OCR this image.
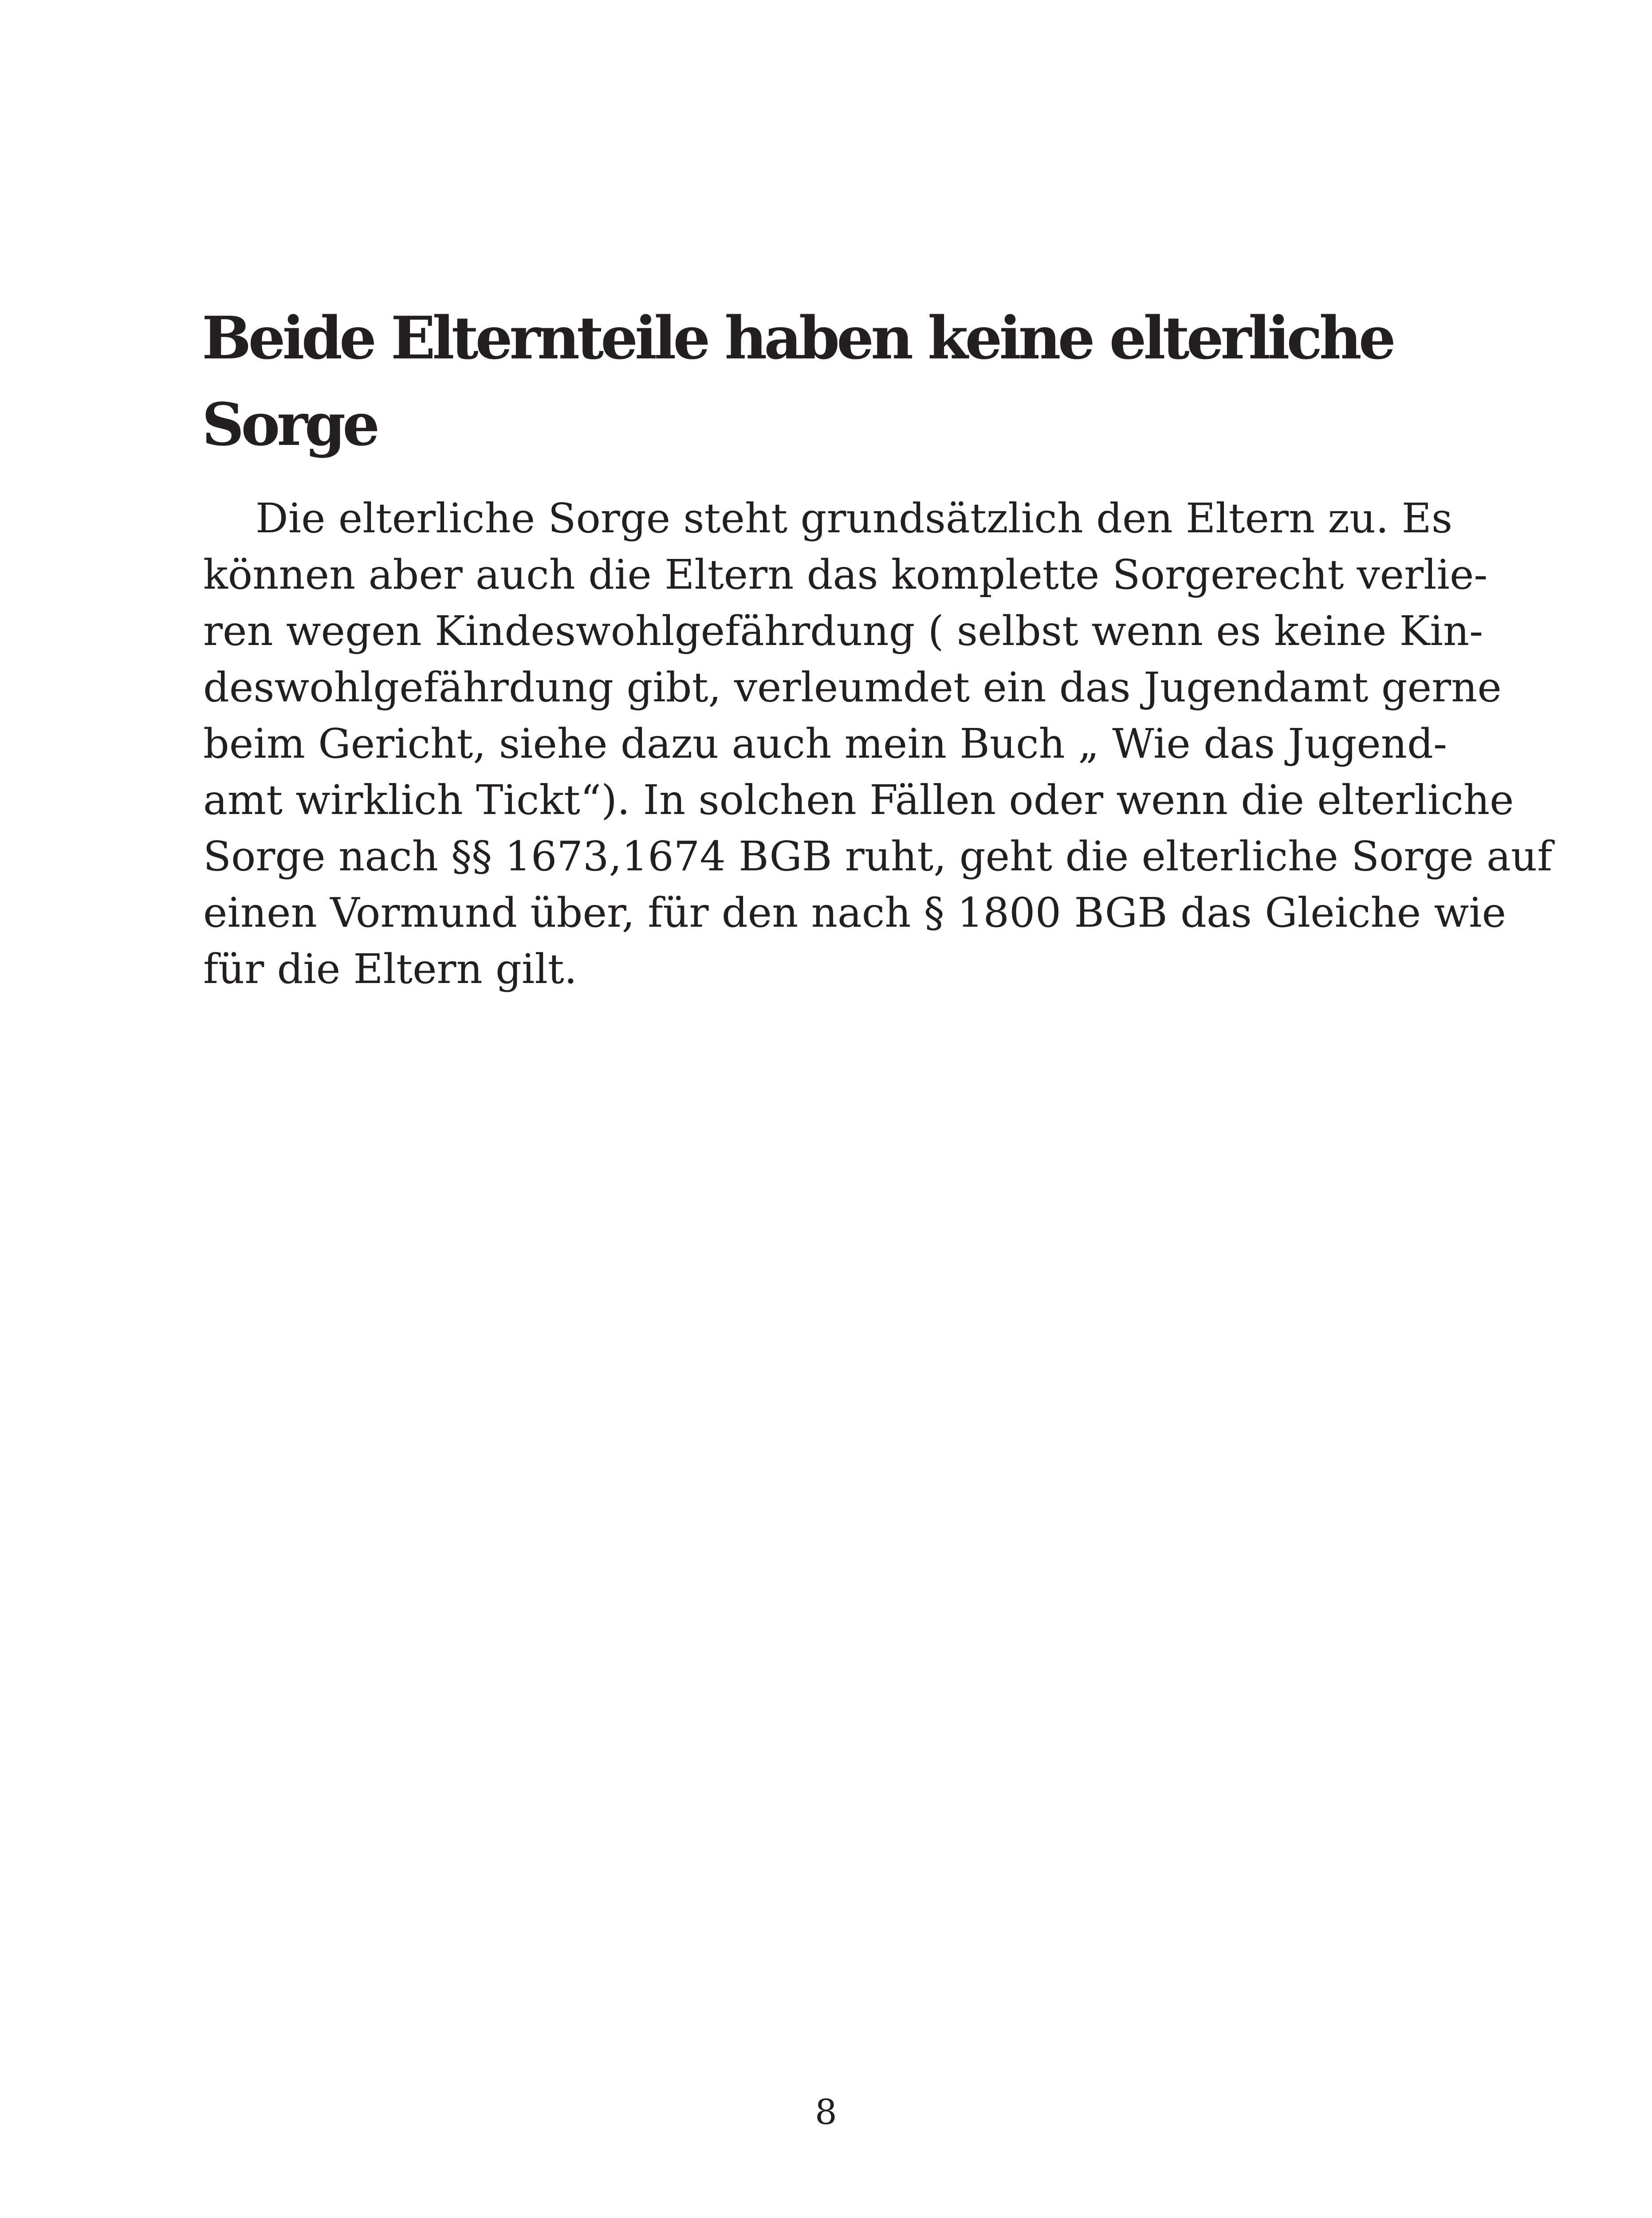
Beide Elternteile haben keine elterliche
Sorge
Die elterliche Sorge steht grundsätzlich den Eltern zu. Es
können aber auch die Eltern das komplette Sorgerecht verlie-
ren wegen Kindeswohlgefährdung ( selbst wenn es keine Kin-
deswohlgefährdung gibt, verleumdet ein das Jugendamt gerne
beim Gericht, siehe dazu auch mein Buch „ Wie das Jugend-
amt wirklich Tickt“). In solchen Fällen oder wenn die elterliche
Sorge nach §§ 1673,1674 BGB ruht, geht die elterliche Sorge auf
einen Vormund über, für den nach § 1800 BGB das Gleiche wie
für die Eltern gilt.
8
